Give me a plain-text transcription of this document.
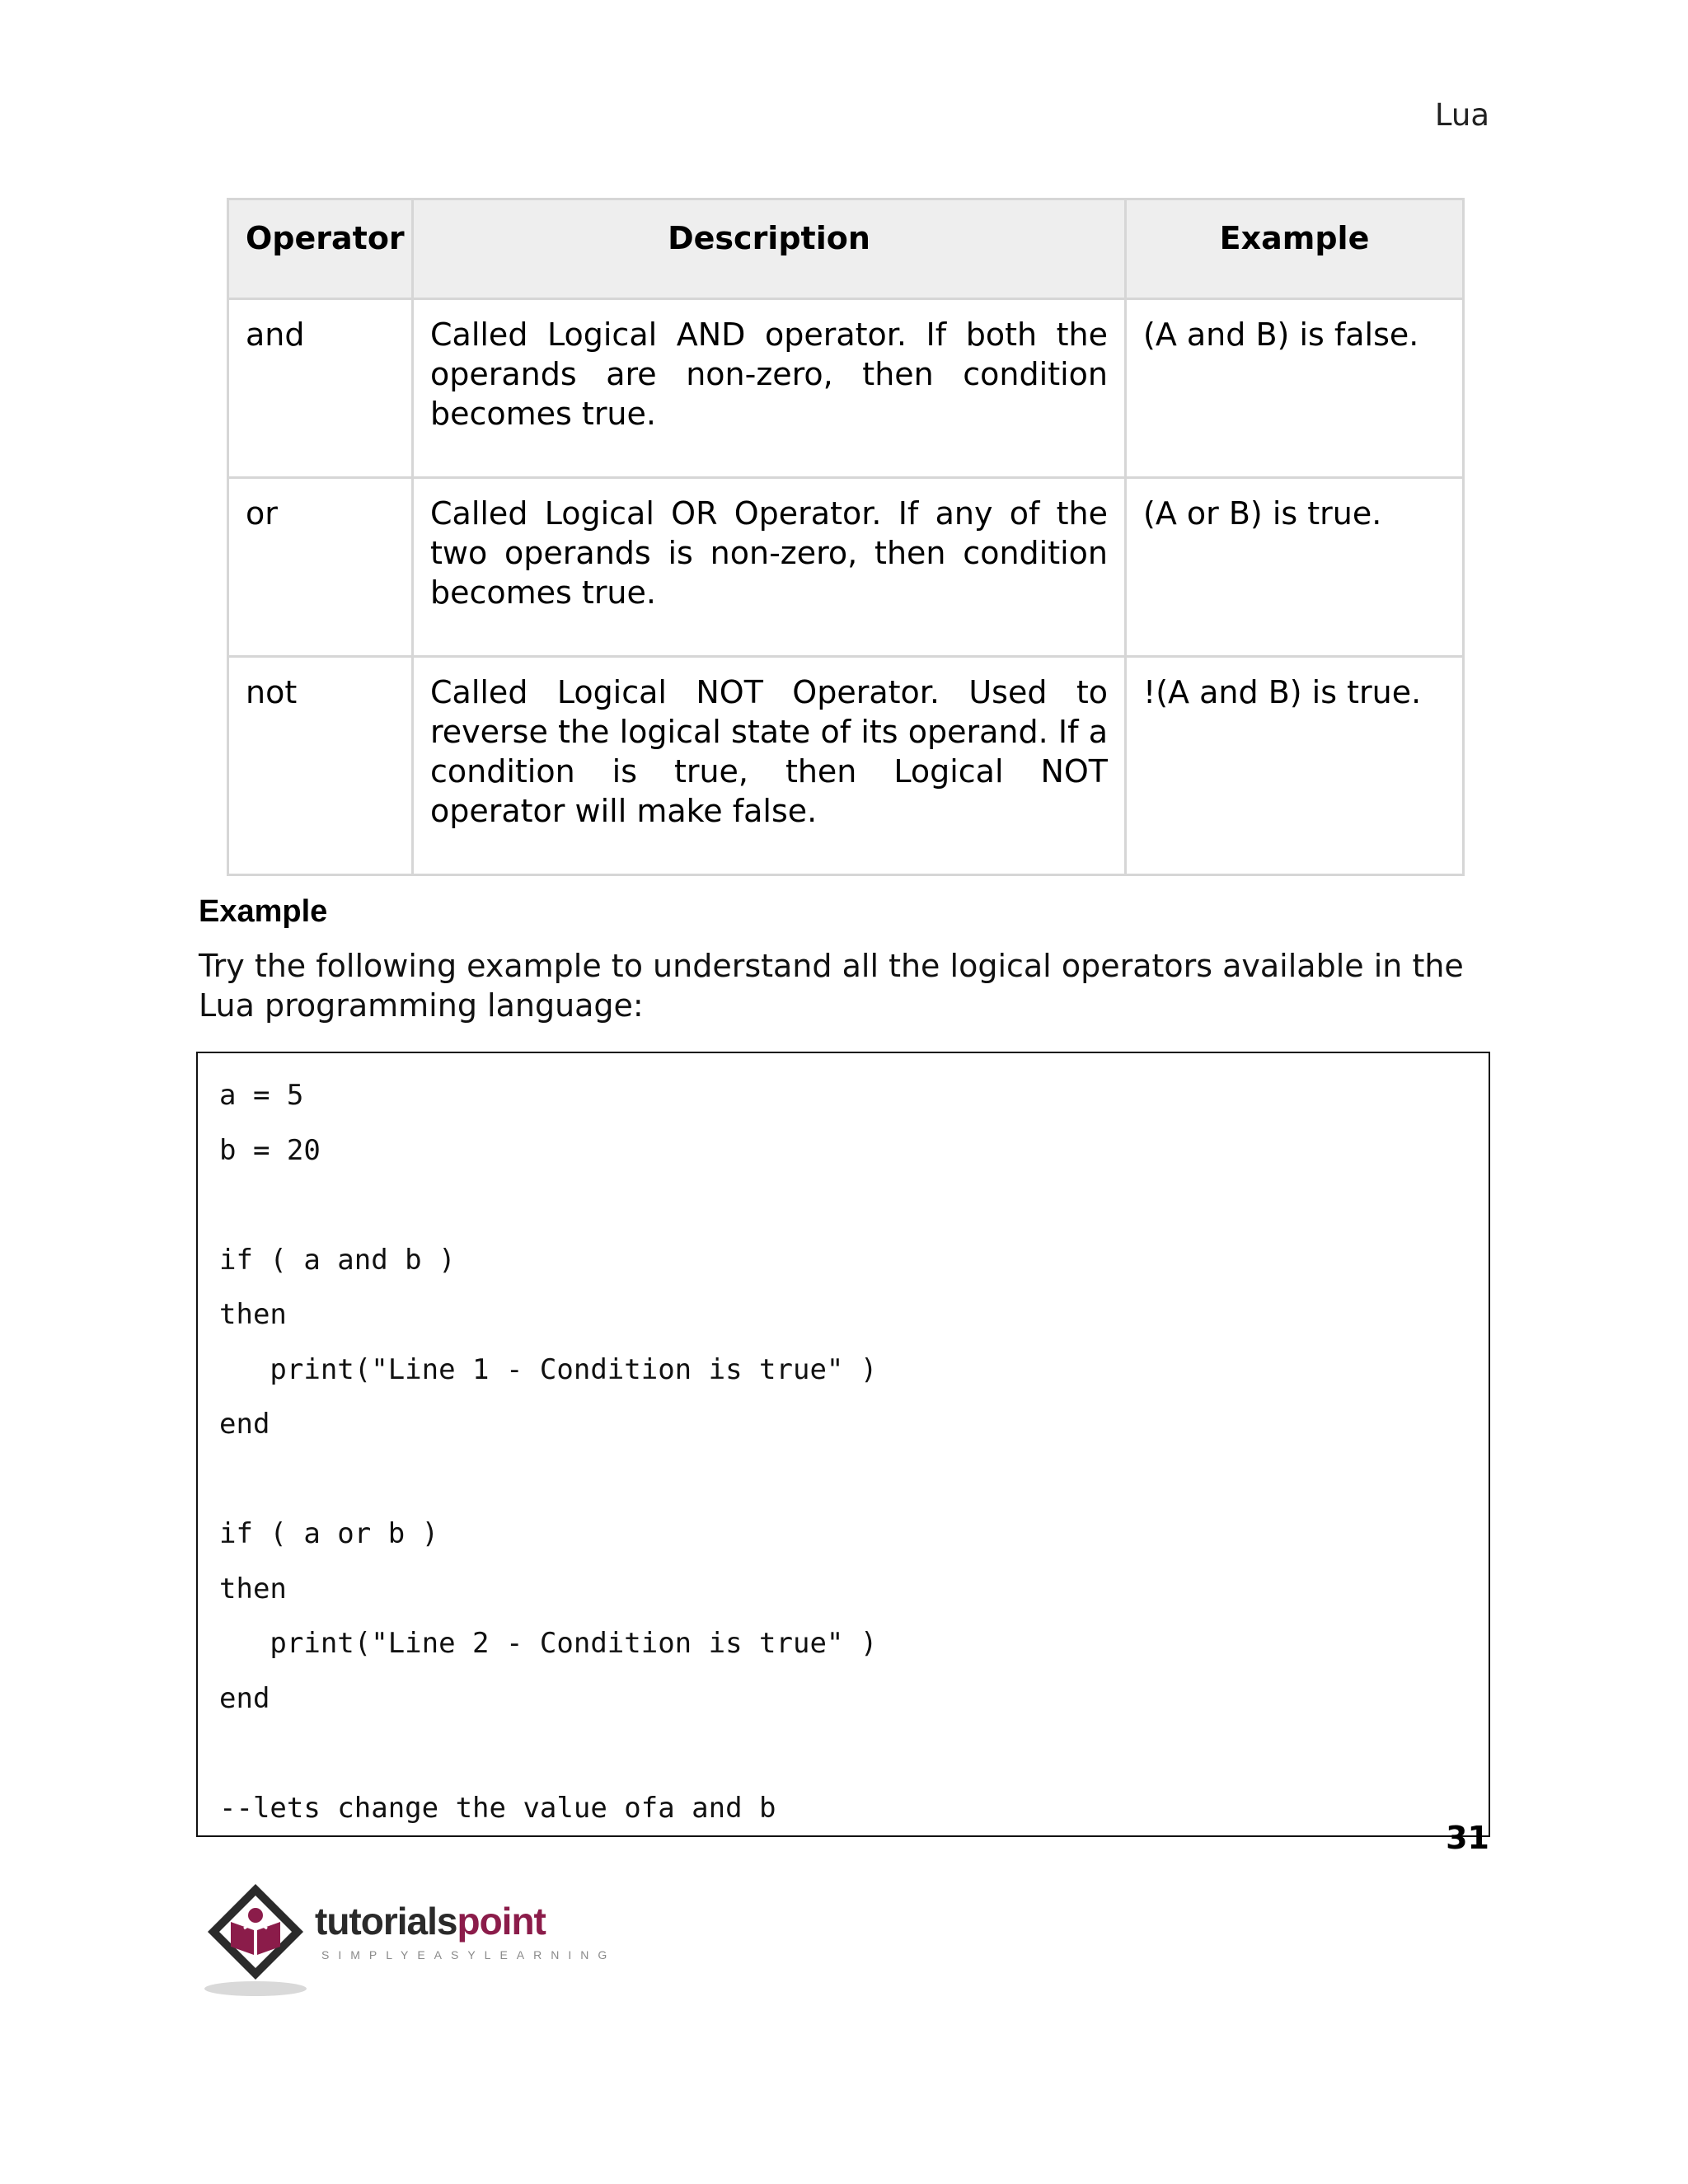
Lua
Operator	Description	Example
and	Called Logical AND operator. If both the operands are non-zero, then condition becomes true.	(A and B) is false.
or	Called Logical OR Operator. If any of the two operands is non-zero, then condition becomes true.	(A or B) is true.
not	Called Logical NOT Operator. Used to reverse the logical state of its operand. If a condition is true, then Logical NOT operator will make false.	!(A and B) is true.
Example
Try the following example to understand all the logical operators available in the Lua programming language:
a = 5
b = 20
if ( a and b )
then
print("Line 1 - Condition is true" )
end
if ( a or b )
then
print("Line 2 - Condition is true" )
end
--lets change the value ofa and b
31
tutorialspoint
SIMPLYEASYLEARNING
